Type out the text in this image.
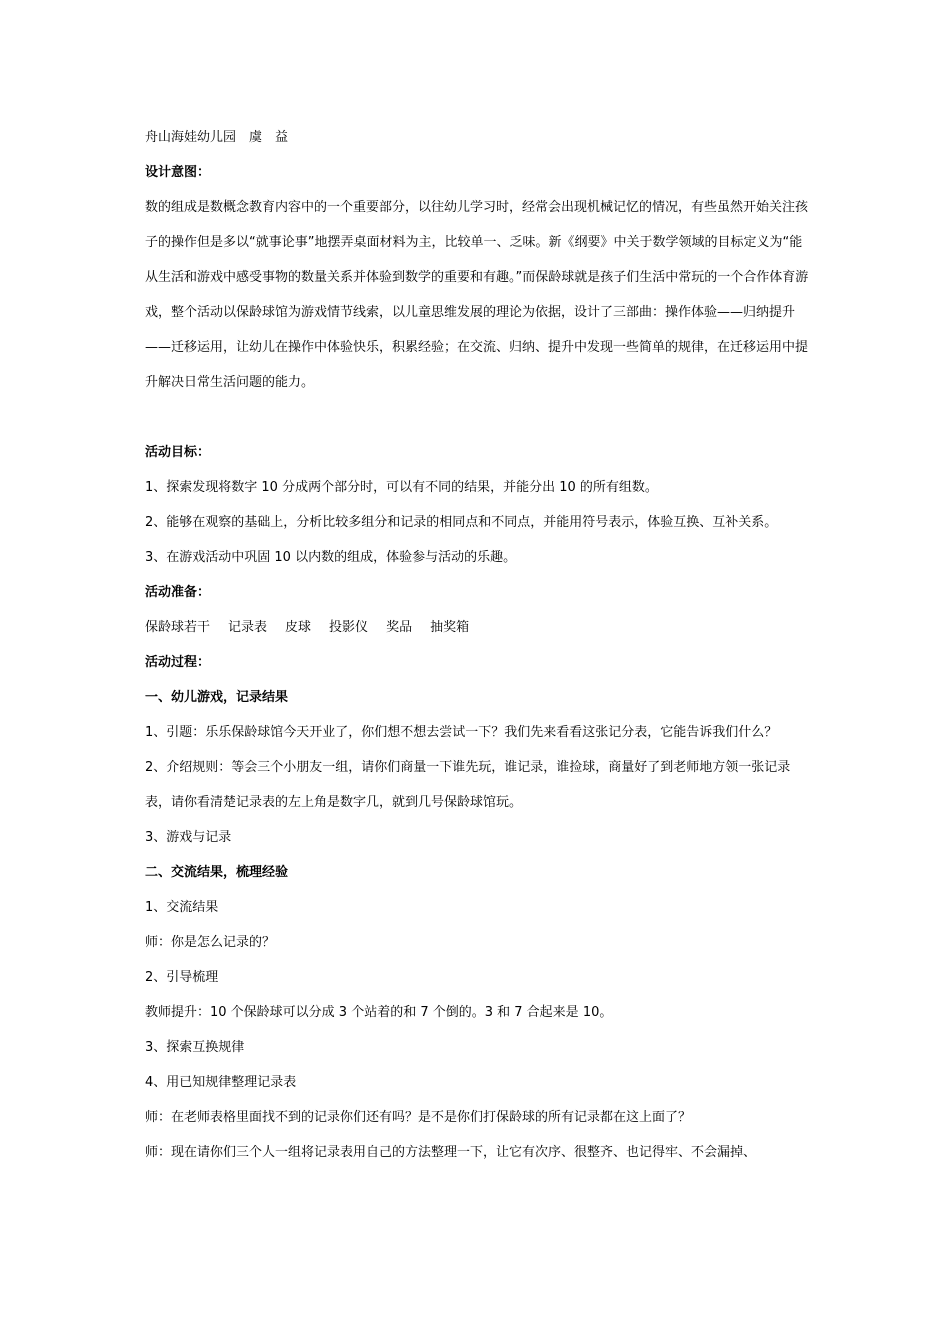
舟山海娃幼儿园　虞　益

设计意图：

数的组成是数概念教育内容中的一个重要部分，以往幼儿学习时，经常会出现机械记忆的情况，有些虽然开始关注孩子的操作但是多以“就事论事”地摆弄桌面材料为主，比较单一、乏味。新《纲要》中关于数学领域的目标定义为“能从生活和游戏中感受事物的数量关系并体验到数学的重要和有趣。”而保龄球就是孩子们生活中常玩的一个合作体育游戏，整个活动以保龄球馆为游戏情节线索，以儿童思维发展的理论为依据，设计了三部曲：操作体验——归纳提升——迁移运用，让幼儿在操作中体验快乐，积累经验；在交流、归纳、提升中发现一些简单的规律，在迁移运用中提升解决日常生活问题的能力。

活动目标：

1、探索发现将数字 10 分成两个部分时，可以有不同的结果，并能分出 10 的所有组数。

2、能够在观察的基础上，分析比较多组分和记录的相同点和不同点，并能用符号表示，体验互换、互补关系。

3、在游戏活动中巩固 10 以内数的组成，体验参与活动的乐趣。

活动准备：

保龄球若干 记录表 皮球 投影仪 奖品 抽奖箱

活动过程：

一、幼儿游戏，记录结果

1、引题：乐乐保龄球馆今天开业了，你们想不想去尝试一下？我们先来看看这张记分表，它能告诉我们什么？

2、介绍规则：等会三个小朋友一组，请你们商量一下谁先玩，谁记录，谁捡球，商量好了到老师地方领一张记录表，请你看清楚记录表的左上角是数字几，就到几号保龄球馆玩。

3、游戏与记录

二、交流结果，梳理经验

1、交流结果

师：你是怎么记录的？

2、引导梳理

教师提升：10 个保龄球可以分成 3 个站着的和 7 个倒的。3 和 7 合起来是 10。

3、探索互换规律

4、用已知规律整理记录表

师：在老师表格里面找不到的记录你们还有吗？是不是你们打保龄球的所有记录都在这上面了？

师：现在请你们三个人一组将记录表用自己的方法整理一下，让它有次序、很整齐、也记得牢、不会漏掉、
